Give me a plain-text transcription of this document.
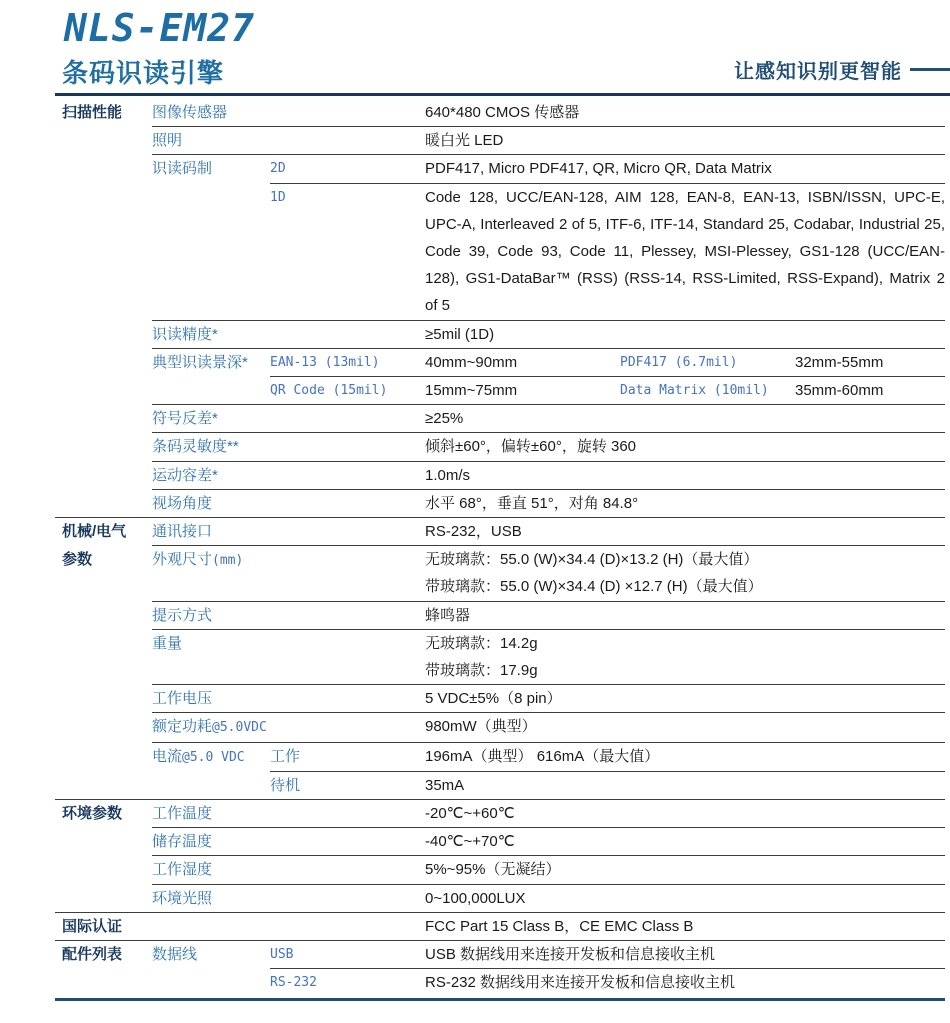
NLS-EM27
条码识读引擎	让感知识别更智能
扫描性能	图像传感器	640*480 CMOS 传感器
照明	暖白光 LED
识读码制	2D	PDF417, Micro PDF417, QR, Micro QR, Data Matrix
1D	Code 128, UCC/EAN-128, AIM 128, EAN-8, EAN-13, ISBN/ISSN, UPC-E, UPC-A, Interleaved 2 of 5, ITF-6, ITF-14, Standard 25, Codabar, Industrial 25, Code 39, Code 93, Code 11, Plessey, MSI-Plessey, GS1-128 (UCC/EAN-128), GS1-DataBar™ (RSS) (RSS-14, RSS-Limited, RSS-Expand), Matrix 2 of 5
识读精度*	≥5mil (1D)
典型识读景深*	EAN-13 (13mil)	40mm~90mm	PDF417 (6.7mil)	32mm-55mm
QR Code (15mil)	15mm~75mm	Data Matrix (10mil)	35mm-60mm
符号反差*	≥25%
条码灵敏度**	倾斜±60°，偏转±60°，旋转 360
运动容差*	1.0m/s
视场角度	水平 68°，垂直 51°，对角 84.8°
机械/电气	通讯接口	RS-232，USB
参数	外观尺寸(mm)	无玻璃款：55.0 (W)×34.4 (D)×13.2 (H)（最大值）
带玻璃款：55.0 (W)×34.4 (D) ×12.7 (H)（最大值）
提示方式	蜂鸣器
重量	无玻璃款：14.2g
带玻璃款：17.9g
工作电压	5 VDC±5%（8 pin）
额定功耗@5.0VDC	980mW（典型）
电流@5.0 VDC	工作	196mA（典型） 616mA（最大值）
待机	35mA
环境参数	工作温度	-20℃~+60℃
储存温度	-40℃~+70℃
工作湿度	5%~95%（无凝结）
环境光照	0~100,000LUX
国际认证	FCC Part 15 Class B，CE EMC Class B
配件列表	数据线	USB	USB 数据线用来连接开发板和信息接收主机
RS-232	RS-232 数据线用来连接开发板和信息接收主机
